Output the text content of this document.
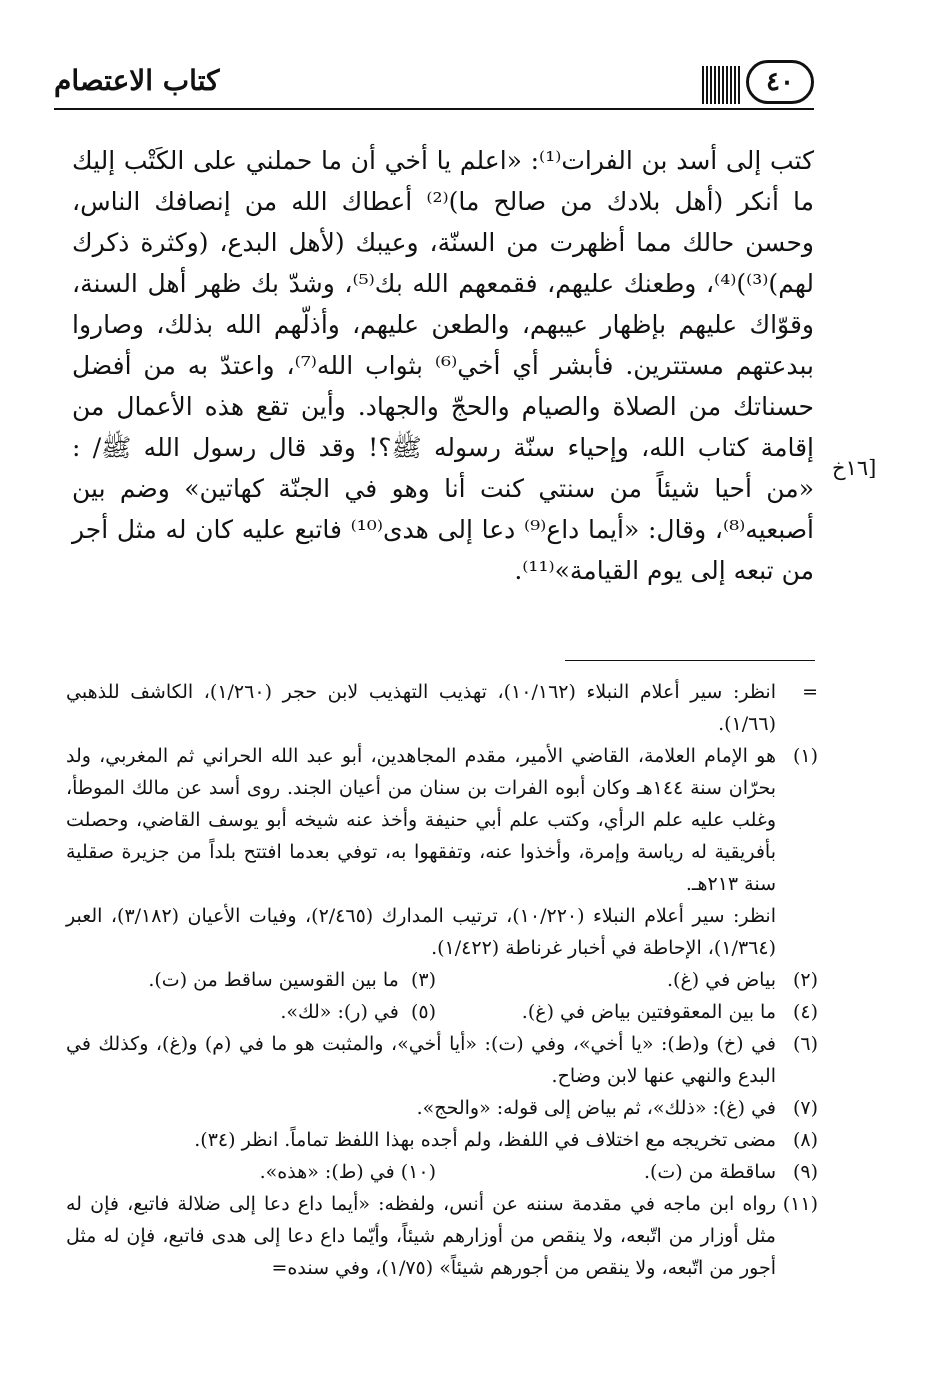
كتاب الاعتصام	٤٠
[١٦خ

كتب إلى أسد بن الفرات⁽¹⁾: «اعلم يا أخي أن ما حملني على الكَتْب إليك ما أنكر (أهل بلادك من صالح ما)⁽²⁾ أعطاك الله من إنصافك الناس، وحسن حالك مما أظهرت من السنّة، وعيبك (لأهل البدع، (وكثرة ذكرك لهم)⁽³⁾)⁽⁴⁾، وطعنك عليهم، فقمعهم الله بك⁽⁵⁾، وشدّ بك ظهر أهل السنة، وقوّاك عليهم بإظهار عيبهم، والطعن عليهم، وأذلّهم الله بذلك، وصاروا ببدعتهم مستترين. فأبشر أي أخي⁽⁶⁾ بثواب الله⁽⁷⁾، واعتدّ به من أفضل حسناتك من الصلاة والصيام والحجّ والجهاد. وأين تقع هذه الأعمال من إقامة كتاب الله، وإحياء سنّة رسوله ﷺ؟! وقد قال رسول الله ﷺ/ : «من أحيا شيئاً من سنتي كنت أنا وهو في الجنّة كهاتين» وضم بين أصبعيه⁽⁸⁾، وقال: «أيما داع⁽⁹⁾ دعا إلى هدى⁽¹⁰⁾ فاتبع عليه كان له مثل أجر من تبعه إلى يوم القيامة»⁽¹¹⁾.

=
انظر: سير أعلام النبلاء (١٠/١٦٢)، تهذيب التهذيب لابن حجر (١/٢٦٠)، الكاشف للذهبي (١/٦٦).
(١)
هو الإمام العلامة، القاضي الأمير، مقدم المجاهدين، أبو عبد الله الحراني ثم المغربي، ولد بحرّان سنة ١٤٤هـ وكان أبوه الفرات بن سنان من أعيان الجند. روى أسد عن مالك الموطأ، وغلب عليه علم الرأي، وكتب علم أبي حنيفة وأخذ عنه شيخه أبو يوسف القاضي، وحصلت بأفريقية له رياسة وإمرة، وأخذوا عنه، وتفقهوا به، توفي بعدما افتتح بلداً من جزيرة صقلية سنة ٢١٣هـ.
انظر: سير أعلام النبلاء (١٠/٢٢٠)، ترتيب المدارك (٢/٤٦٥)، وفيات الأعيان (٣/١٨٢)، العبر (١/٣٦٤)، الإحاطة في أخبار غرناطة (١/٤٢٢).
(٢)
بياض في (غ).
(٣)  ما بين القوسين ساقط من (ت).
(٤)
ما بين المعقوفتين بياض في (غ).
(٥)  في (ر): «لك».
(٦)
في (خ) و(ط): «يا أخي»، وفي (ت): «أيا أخي»، والمثبت هو ما في (م) و(غ)، وكذلك في البدع والنهي عنها لابن وضاح.
(٧)
في (غ): «ذلك»، ثم بياض إلى قوله: «والحج».
(٨)
مضى تخريجه مع اختلاف في اللفظ، ولم أجده بهذا اللفظ تماماً. انظر (٣٤).
(٩)
ساقطة من (ت).
(١٠) في (ط): «هذه».
(١١)
رواه ابن ماجه في مقدمة سننه عن أنس، ولفظه: «أيما داع دعا إلى ضلالة فاتبع، فإن له مثل أوزار من اتّبعه، ولا ينقص من أوزارهم شيئاً، وأيّما داع دعا إلى هدى فاتبع، فإن له مثل أجور من اتّبعه، ولا ينقص من أجورهم شيئاً» (١/٧٥)، وفي سنده=
